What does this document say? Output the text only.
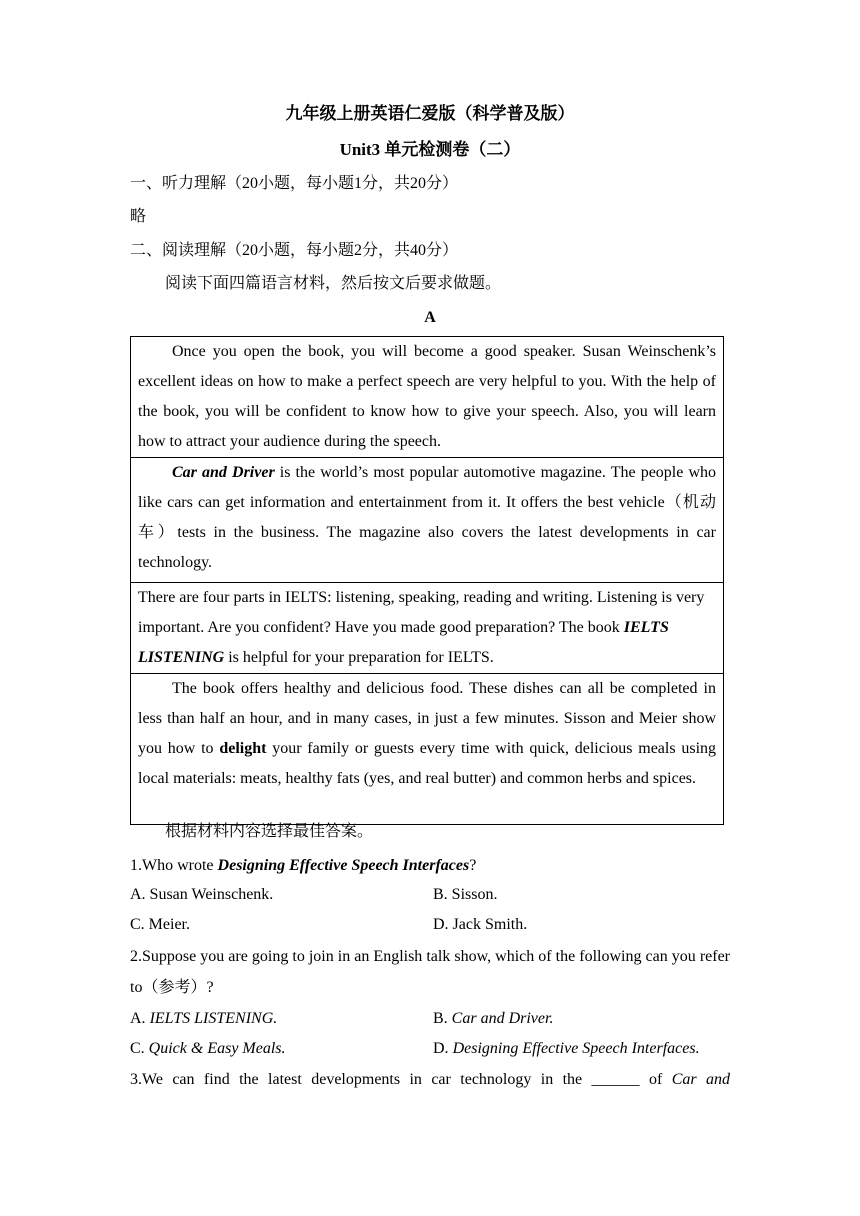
九年级上册英语仁爱版（科学普及版）
Unit3 单元检测卷（二）
一、听力理解（20小题，每小题1分，共20分）
略
二、阅读理解（20小题，每小题2分，共40分）
阅读下面四篇语言材料，然后按文后要求做题。
A
Once you open the book, you will become a good speaker. Susan Weinschenk’s excellent ideas on how to make a perfect speech are very helpful to you. With the help of the book, you will be confident to know how to give your speech. Also, you will learn how to attract your audience during the speech.
Car and Driver is the world’s most popular automotive magazine. The people who like cars can get information and entertainment from it. It offers the best vehicle（机动车）tests in the business. The magazine also covers the latest developments in car technology.
There are four parts in IELTS: listening, speaking, reading and writing. Listening is very important. Are you confident? Have you made good preparation? The book IELTS LISTENING is helpful for your preparation for IELTS.
The book offers healthy and delicious food. These dishes can all be completed in less than half an hour, and in many cases, in just a few minutes. Sisson and Meier show you how to delight your family or guests every time with quick, delicious meals using local materials: meats, healthy fats (yes, and real butter) and common herbs and spices.
根据材料内容选择最佳答案。
1.Who wrote Designing Effective Speech Interfaces?
A. Susan Weinschenk.	B. Sisson.
C. Meier.	D. Jack Smith.
2.Suppose you are going to join in an English talk show, which of the following can you refer to（参考）?
A. IELTS LISTENING.	B. Car and Driver.
C. Quick & Easy Meals.	D. Designing Effective Speech Interfaces.
3.We can find the latest developments in car technology in the ______ of Car and
